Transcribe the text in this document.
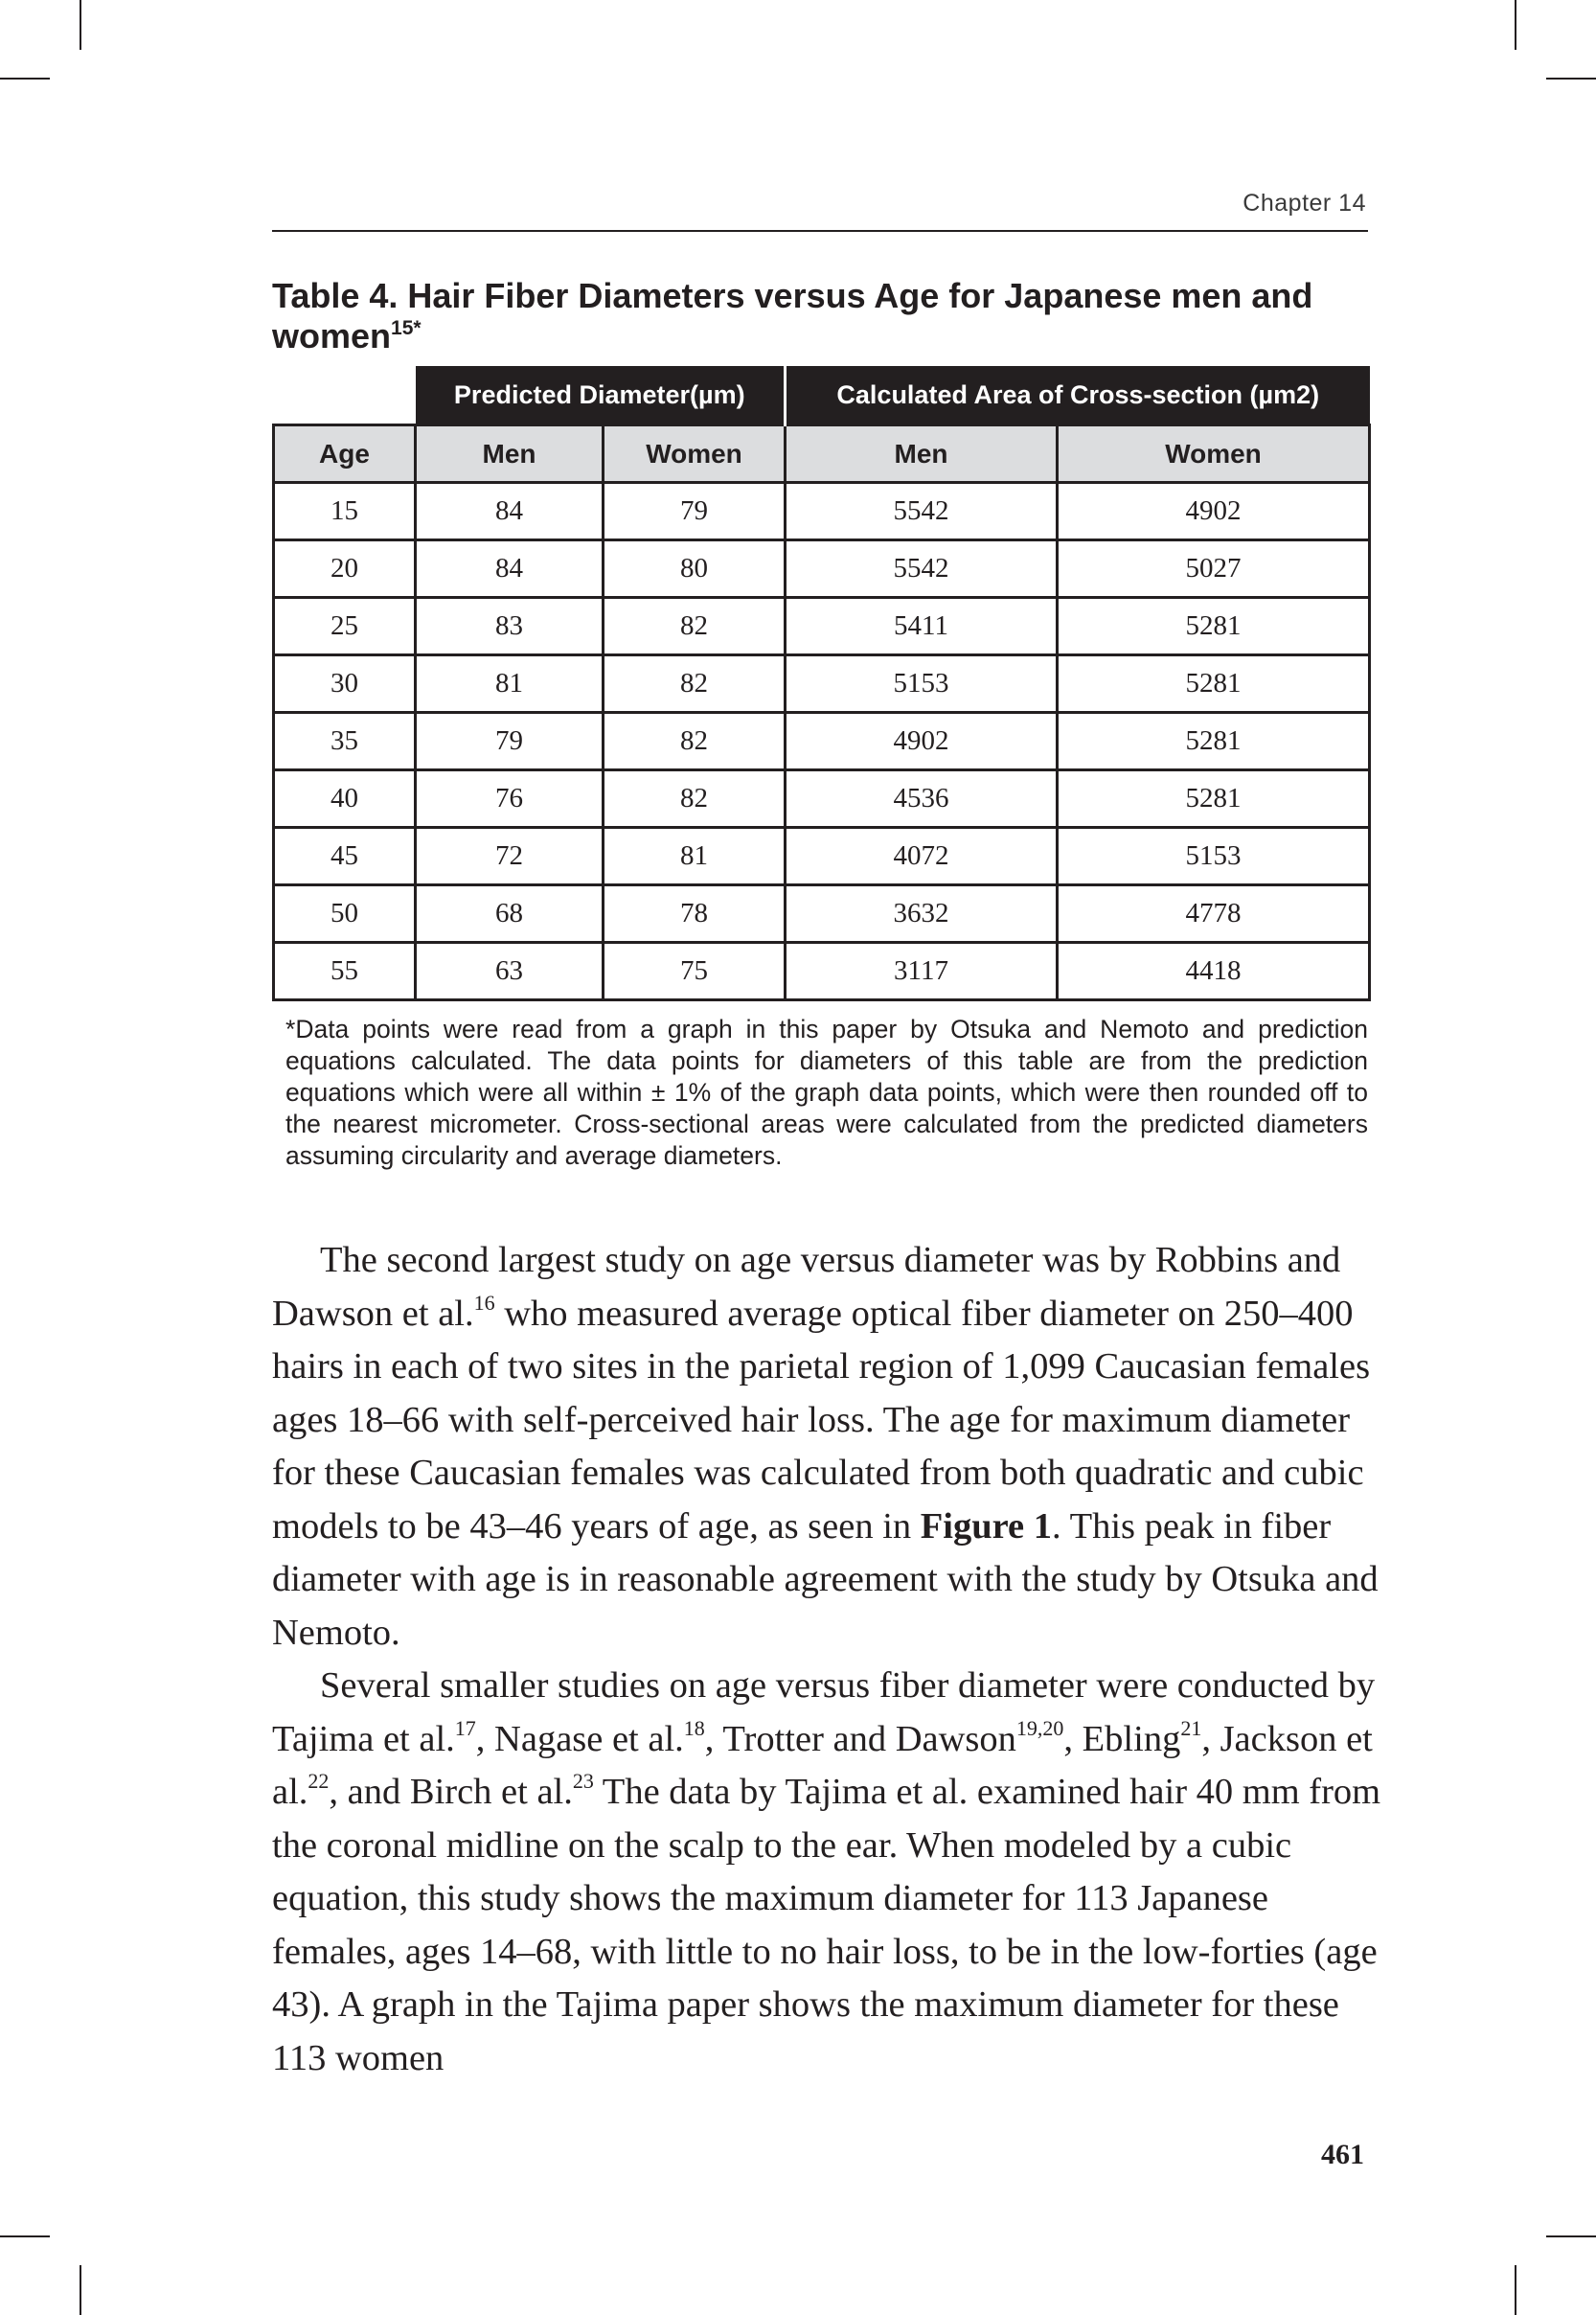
Chapter 14
Table 4. Hair Fiber Diameters versus Age for Japanese men and women$^{15*}$
	Predicted Diameter(µm)		Calculated Area of Cross-section (µm2)	
Age	Men	Women	Men	Women
15	84	79	5542	4902
20	84	80	5542	5027
25	83	82	5411	5281
30	81	82	5153	5281
35	79	82	4902	5281
40	76	82	4536	5281
45	72	81	4072	5153
50	68	78	3632	4778
55	63	75	3117	4418
*Data points were read from a graph in this paper by Otsuka and Nemoto and prediction equations calculated. The data points for diameters of this table are from the prediction equations which were all within ± 1% of the graph data points, which were then rounded off to the nearest micrometer. Cross-sectional areas were calculated from the predicted diameters assuming circularity and average diameters.

The second largest study on age versus diameter was by Robbins and Dawson et al.$^{16}$ who measured average optical fiber diameter on 250–400 hairs in each of two sites in the parietal region of 1,099 Caucasian females ages 18–66 with self-perceived hair loss. The age for maximum diameter for these Caucasian females was calculated from both quadratic and cubic models to be 43–46 years of age, as seen in Figure 1. This peak in fiber diameter with age is in reasonable agreement with the study by Otsuka and Nemoto.

Several smaller studies on age versus fiber diameter were conducted by Tajima et al.$^{17}$, Nagase et al.$^{18}$, Trotter and Dawson$^{19,20}$, Ebling$^{21}$, Jackson et al.$^{22}$, and Birch et al.$^{23}$ The data by Tajima et al. examined hair 40 mm from the coronal midline on the scalp to the ear. When modeled by a cubic equation, this study shows the maximum diameter for 113 Japanese females, ages 14–68, with little to no hair loss, to be in the low-forties (age 43). A graph in the Tajima paper shows the maximum diameter for these 113 women

461
